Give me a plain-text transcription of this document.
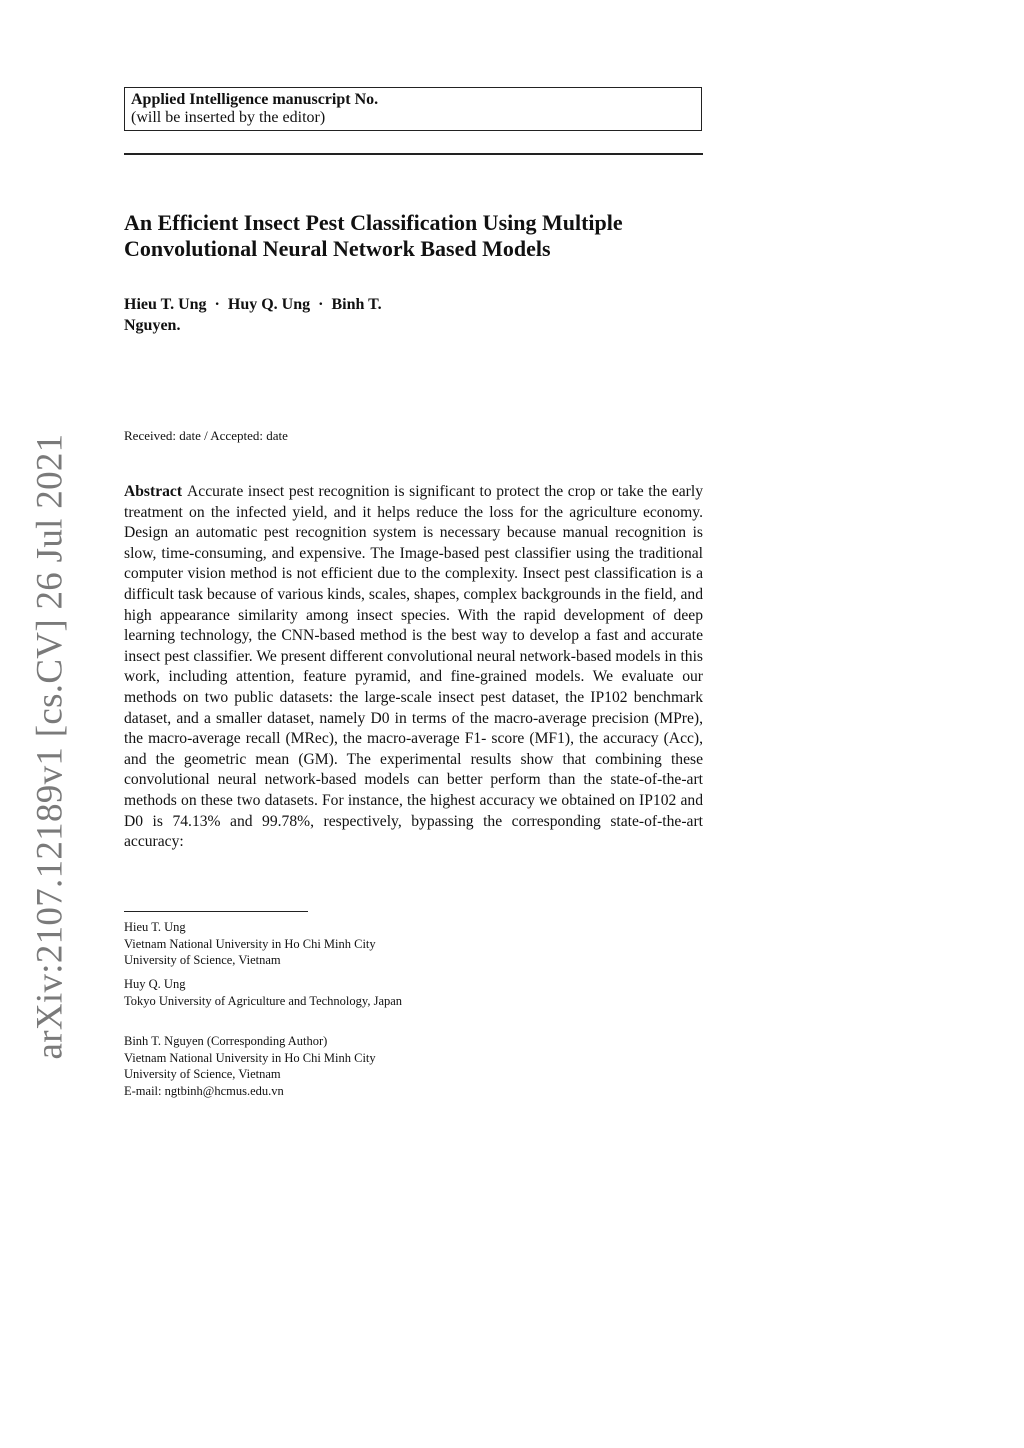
arXiv:2107.12189v1 [cs.CV] 26 Jul 2021
Applied Intelligence manuscript No.
(will be inserted by the editor)
An Efficient Insect Pest Classification Using Multiple
Convolutional Neural Network Based Models
Hieu T. Ung · Huy Q. Ung · Binh T.
Nguyen.
Received: date / Accepted: date
Abstract Accurate insect pest recognition is significant to protect the crop or take the early treatment on the infected yield, and it helps reduce the loss for the agriculture economy. Design an automatic pest recognition system is necessary because manual recognition is slow, time-consuming, and expensive. The Image-based pest classifier using the traditional computer vision method is not efficient due to the complexity. Insect pest classification is a difficult task because of various kinds, scales, shapes, complex backgrounds in the field, and high appearance similarity among insect species. With the rapid development of deep learning technology, the CNN-based method is the best way to develop a fast and accurate insect pest classifier. We present different convolutional neural network-based models in this work, including attention, feature pyramid, and fine-grained models. We evaluate our methods on two public datasets: the large-scale insect pest dataset, the IP102 benchmark dataset, and a smaller dataset, namely D0 in terms of the macro-average precision (MPre), the macro-average recall (MRec), the macro-average F1- score (MF1), the accuracy (Acc), and the geometric mean (GM). The experimental results show that combining these convolutional neural network-based models can better perform than the state-of-the-art methods on these two datasets. For instance, the highest accuracy we obtained on IP102 and D0 is 74.13% and 99.78%, respectively, bypassing the corresponding state-of-the-art accuracy:
Hieu T. Ung
Vietnam National University in Ho Chi Minh City
University of Science, Vietnam
Huy Q. Ung
Tokyo University of Agriculture and Technology, Japan
Binh T. Nguyen (Corresponding Author)
Vietnam National University in Ho Chi Minh City
University of Science, Vietnam
E-mail: ngtbinh@hcmus.edu.vn
